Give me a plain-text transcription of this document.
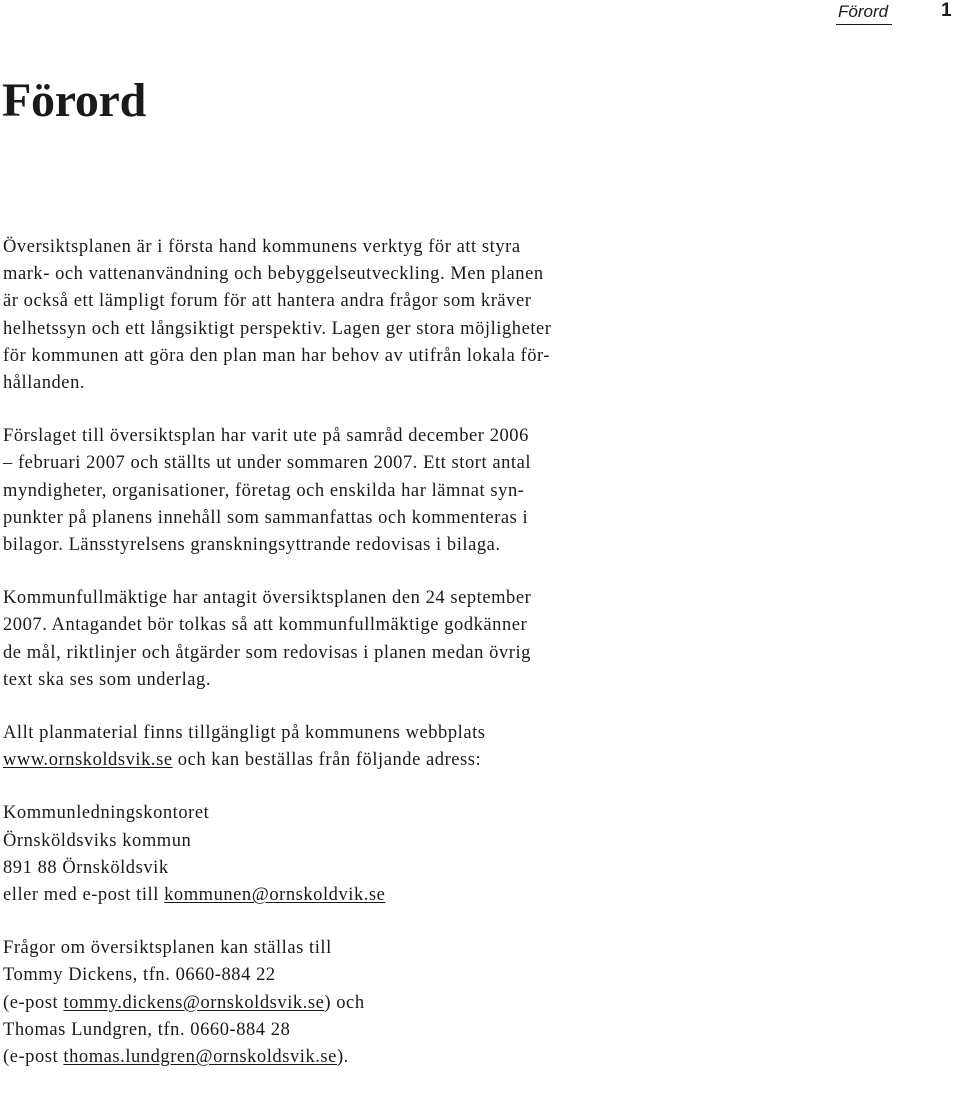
Förord	1
Förord

Översiktsplanen är i första hand kommunens verktyg för att styra
mark- och vattenanvändning och bebyggelseutveckling. Men planen
är också ett lämpligt forum för att hantera andra frågor som kräver
helhetssyn och ett långsiktigt perspektiv. Lagen ger stora möjligheter
för kommunen att göra den plan man har behov av utifrån lokala för-
hållanden.

Förslaget till översiktsplan har varit ute på samråd december 2006
– februari 2007 och ställts ut under sommaren 2007. Ett stort antal
myndigheter, organisationer, företag och enskilda har lämnat syn-
punkter på planens innehåll som sammanfattas och kommenteras i
bilagor. Länsstyrelsens granskningsyttrande redovisas i bilaga.

Kommunfullmäktige har antagit översiktsplanen den 24 september
2007. Antagandet bör tolkas så att kommunfullmäktige godkänner
de mål, riktlinjer och åtgärder som redovisas i planen medan övrig
text ska ses som underlag.

Allt planmaterial finns tillgängligt på kommunens webbplats
www.ornskoldsvik.se och kan beställas från följande adress:

Kommunledningskontoret
Örnsköldsviks kommun
891 88 Örnsköldsvik
eller med e-post till kommunen@ornskoldvik.se

Frågor om översiktsplanen kan ställas till
Tommy Dickens, tfn. 0660-884 22
(e-post tommy.dickens@ornskoldsvik.se) och
Thomas Lundgren, tfn. 0660-884 28
(e-post thomas.lundgren@ornskoldsvik.se).
